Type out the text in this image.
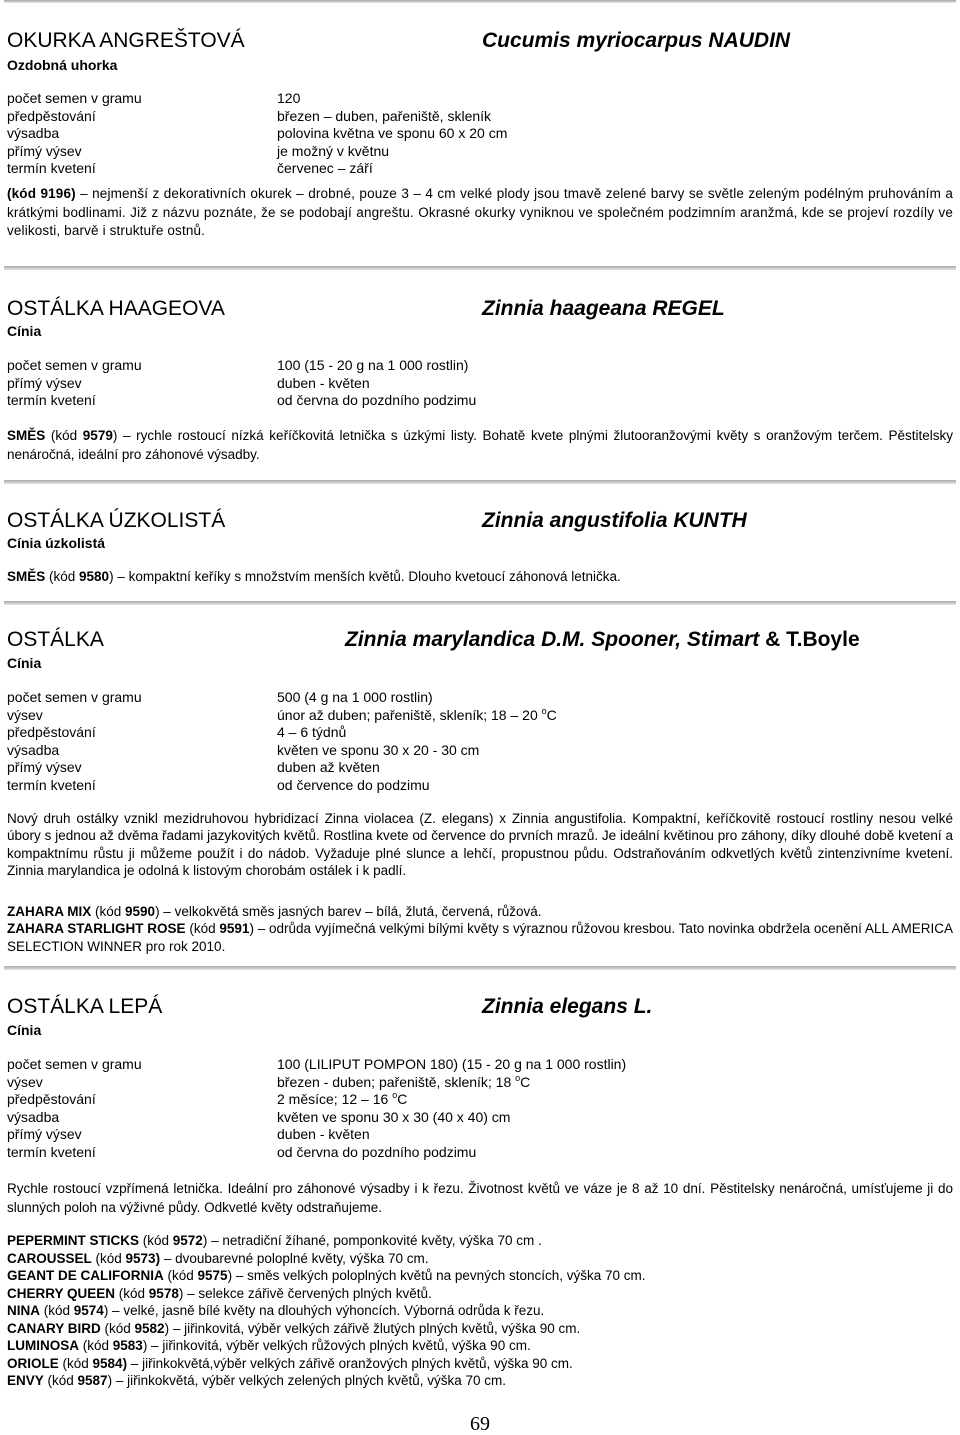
OKURKA ANGREŠTOVÁ	Cucumis myriocarpus NAUDIN
Ozdobná uhorka
počet semen v gramu	120
předpěstování	březen – duben, pařeniště, skleník
výsadba	polovina května ve sponu 60 x 20 cm
přímý výsev	je možný v květnu
termín kvetení	červenec – září
(kód 9196) – nejmenší z dekorativních okurek – drobné, pouze 3 – 4 cm velké plody jsou tmavě zelené barvy se světle zeleným podélným pruhováním a krátkými bodlinami. Již z názvu poznáte, že se podobají angreštu. Okrasné okurky vyniknou ve společném podzimním aranžmá, kde se projeví rozdíly ve velikosti, barvě i struktuře ostnů.
OSTÁLKA HAAGEOVA	Zinnia haageana REGEL
Cínia
počet semen v gramu	100 (15 - 20 g na 1 000 rostlin)
přímý výsev	duben - květen
termín kvetení	od června do pozdního podzimu
SMĚS (kód 9579) – rychle rostoucí nízká keříčkovitá letnička s úzkými listy. Bohatě kvete plnými žlutooranžovými květy s oranžovým terčem. Pěstitelsky nenáročná, ideální pro záhonové výsadby.
OSTÁLKA ÚZKOLISTÁ	Zinnia angustifolia KUNTH
Cínia úzkolistá
SMĚS (kód 9580) – kompaktní keříky s množstvím menších květů. Dlouho kvetoucí záhonová letnička.
OSTÁLKA	Zinnia marylandica D.M. Spooner, Stimart & T.Boyle
Cínia
počet semen v gramu	500 (4 g na 1 000 rostlin)
výsev	únor až duben; pařeniště, skleník; 18 – 20 $^o$C
předpěstování	4 – 6 týdnů
výsadba	květen ve sponu 30 x 20 - 30 cm
přímý výsev	duben až květen
termín kvetení	od července do podzimu
Nový druh ostálky vznikl mezidruhovou hybridizací Zinna violacea (Z. elegans) x Zinnia angustifolia. Kompaktní, keříčkovitě rostoucí rostliny nesou velké úbory s jednou až dvěma řadami jazykovitých květů. Rostlina kvete od července do prvních mrazů. Je ideální květinou pro záhony, díky dlouhé době kvetení a kompaktnímu růstu ji můžeme použít i do nádob. Vyžaduje plné slunce a lehčí, propustnou půdu. Odstraňováním odkvetlých květů zintenzivníme kvetení. Zinnia marylandica je odolná k listovým chorobám ostálek i k padlí.
ZAHARA MIX (kód 9590) – velkokvětá směs jasných barev – bílá, žlutá, červená, růžová.
ZAHARA STARLIGHT ROSE (kód 9591) – odrůda vyjímečná velkými bílými květy s výraznou růžovou kresbou. Tato novinka obdržela ocenění ALL AMERICA SELECTION WINNER pro rok 2010.
OSTÁLKA LEPÁ	Zinnia elegans L.
Cínia
počet semen v gramu	100 (LILIPUT POMPON 180) (15 - 20 g na 1 000 rostlin)
výsev	březen - duben; pařeniště, skleník; 18 $^o$C
předpěstování	2 měsíce; 12 – 16 $^o$C
výsadba	květen ve sponu 30 x 30 (40 x 40) cm
přímý výsev	duben - květen
termín kvetení	od června do pozdního podzimu
Rychle rostoucí vzpřímená letnička. Ideální pro záhonové výsadby i k řezu. Životnost květů ve váze je 8 až 10 dní. Pěstitelsky nenáročná, umísťujeme ji do slunných poloh na výživné půdy. Odkvetlé květy odstraňujeme.
PEPERMINT STICKS (kód 9572) – netradiční žíhané, pomponkovité květy, výška 70 cm .
CAROUSSEL (kód 9573) – dvoubarevné poloplné květy, výška 70 cm.
GEANT DE CALIFORNIA (kód 9575) – směs velkých poloplných květů na pevných stoncích, výška 70 cm.
CHERRY QUEEN (kód 9578) – selekce zářivě červených plných květů.
NINA (kód 9574) – velké, jasně bílé květy na dlouhých výhoncích. Výborná odrůda k řezu.
CANARY BIRD (kód 9582) – jiřinkovitá, výběr velkých zářivě žlutých plných květů, výška 90 cm.
LUMINOSA (kód 9583) – jiřinkovitá, výběr velkých růžových plných květů, výška 90 cm.
ORIOLE (kód 9584) – jiřinkokvětá,výběr velkých zářivě oranžových plných květů, výška 90 cm.
ENVY (kód 9587) – jiřinkokvětá, výběr velkých zelených plných květů, výška 70 cm.
69
